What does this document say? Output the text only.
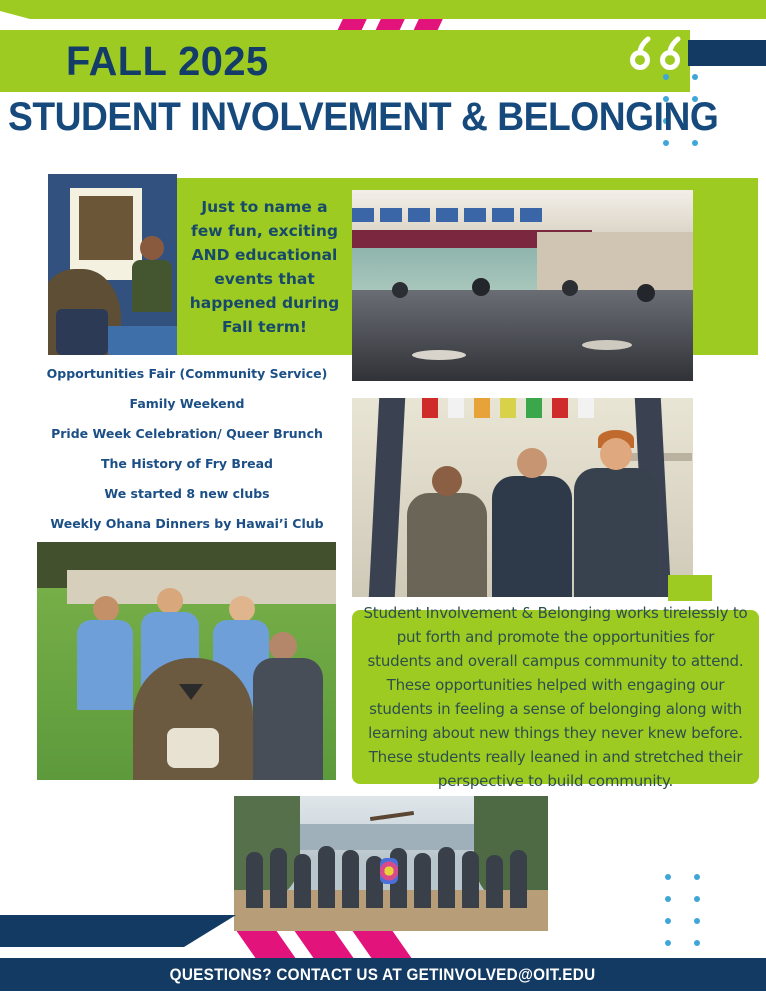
FALL 2025
STUDENT INVOLVEMENT & BELONGING
Just to name a few fun, exciting AND educational events that happened during Fall term!
Opportunities Fair (Community Service)
Family Weekend
Pride Week Celebration/ Queer Brunch
The History of Fry Bread
We started 8 new clubs
Weekly Ohana Dinners by Hawai’i Club
Student Involvement & Belonging works tirelessly to put forth and promote the opportunities for students and overall campus community to attend. These opportunities helped with engaging our students in feeling a sense of belonging along with learning about new things they never knew before. These students really leaned in and stretched their perspective to build community.
QUESTIONS? CONTACT US AT GETINVOLVED@OIT.EDU
